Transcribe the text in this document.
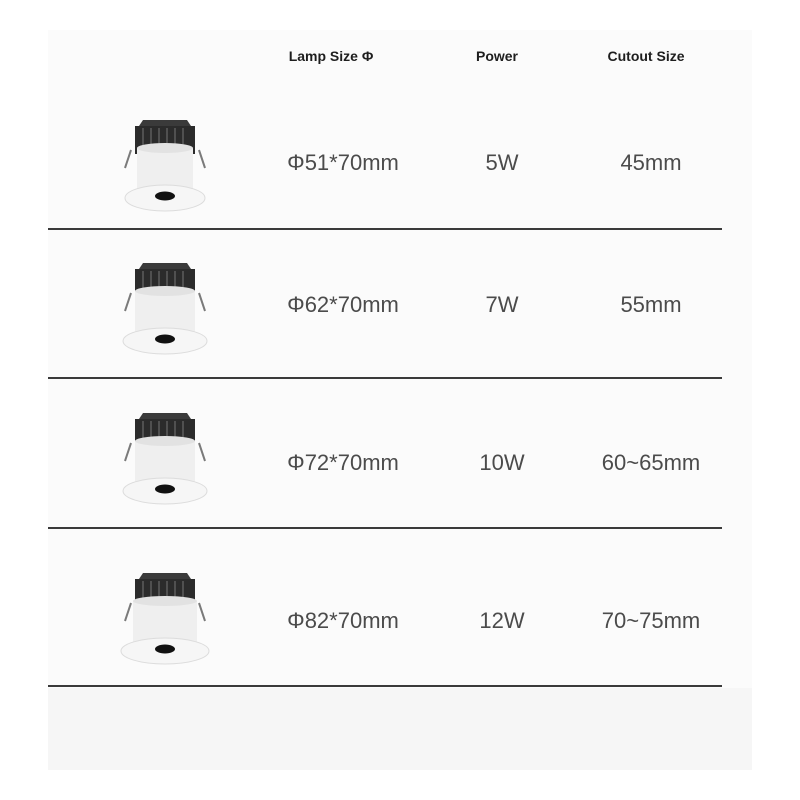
Lamp Size Φ	Power	Cutout Size
Φ51*70mm	5W	45mm
Φ62*70mm	7W	55mm
Φ72*70mm	10W	60~65mm
Φ82*70mm	12W	70~75mm
